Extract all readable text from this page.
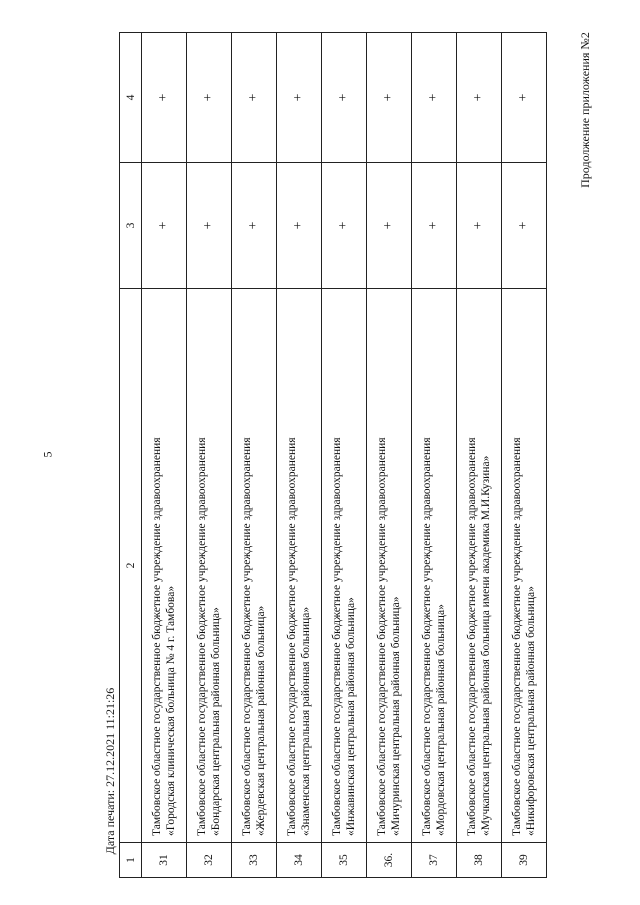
5
Продолжение приложения №2
Дата печати: 27.12.2021 11:21:26
1	2	3	4
31	Тамбовское областное государственное бюджетное учреждение здравоохранения «Городская клиническая больница № 4 г. Тамбова»	+	+
32	Тамбовское областное государственное бюджетное учреждение здравоохранения «Бондарская центральная районная больница»	+	+
33	Тамбовское областное государственное бюджетное учреждение здравоохранения «Жердевская центральная районная больница»	+	+
34	Тамбовское областное государственное бюджетное учреждение здравоохранения «Знаменская центральная районная больница»	+	+
35	Тамбовское областное государственное бюджетное учреждение здравоохранения «Инжавинская центральная районная больница»	+	+
36.	Тамбовское областное государственное бюджетное учреждение здравоохранения «Мичуринская центральная районная больница»	+	+
37	Тамбовское областное государственное бюджетное учреждение здравоохранения «Мордовская центральная районная больница»	+	+
38	Тамбовское областное государственное бюджетное учреждение здравоохранения «Мучкапская центральная районная больница имени академика М.И.Кузина»	+	+
39	Тамбовское областное государственное бюджетное учреждение здравоохранения «Никифоровская центральная районная больница»	+	+
